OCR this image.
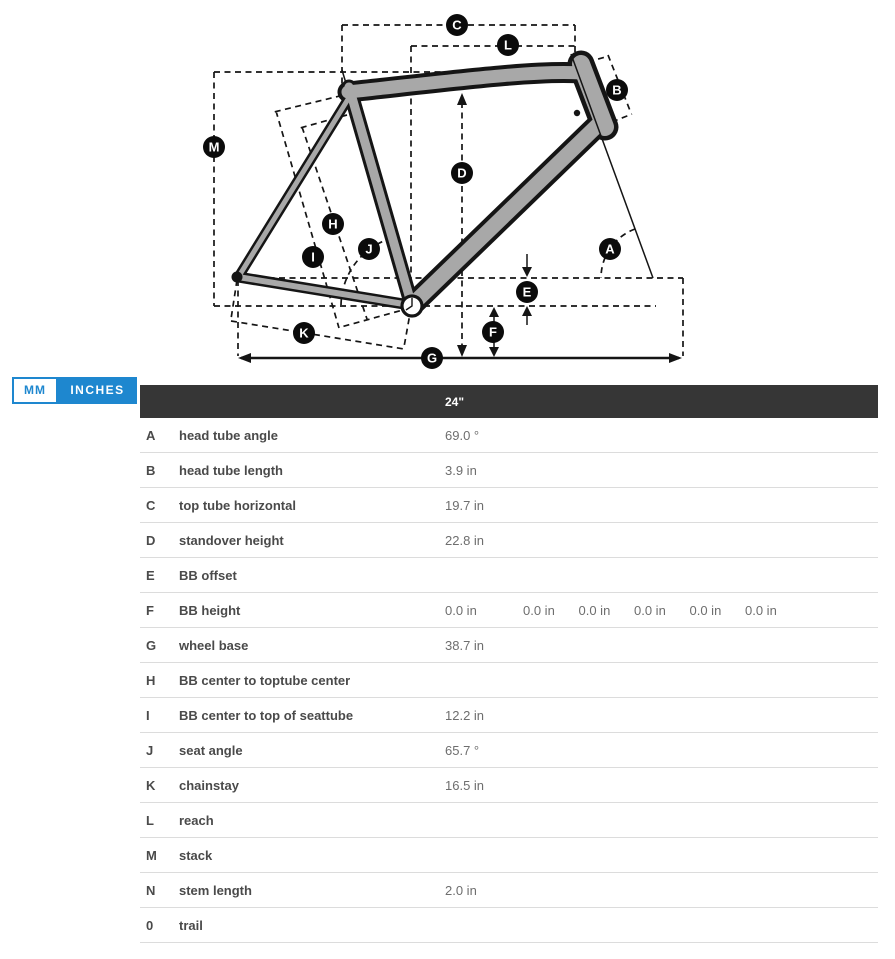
C
L
B
M
D
H
J
I
A
E
K	F
G
MM	INCHES
24"
A	head tube angle	69.0 °
B	head tube length	3.9 in
C	top tube horizontal	19.7 in
D	standover height	22.8 in
E	BB offset
F	BB height	0.0 in	0.0 in	0.0 in	0.0 in	0.0 in	0.0 in
G	wheel base	38.7 in
H	BB center to toptube center
I	BB center to top of seattube	12.2 in
J	seat angle	65.7 °
K	chainstay	16.5 in
L	reach
M	stack
N	stem length	2.0 in
0	trail
